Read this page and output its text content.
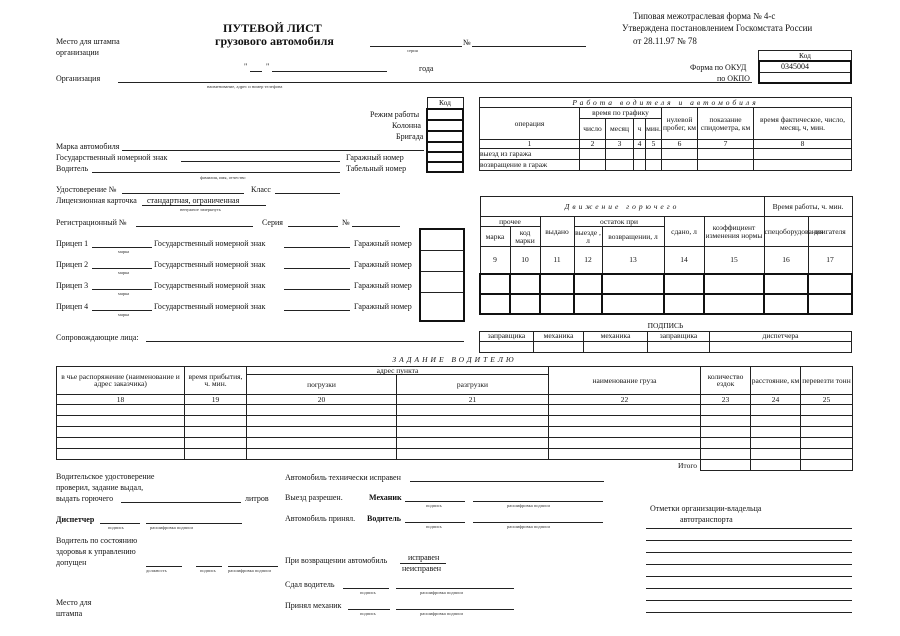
ПУТЕВОЙ ЛИСТ
грузового автомобиля
Типовая межотраслевая форма № 4-с
Утверждена постановлением Госкомстата России
от 28.11.97 № 78
Место для штампа
организации	серия
№
" "	года
Код
0345004
Форма по ОКУД
по ОКПО
Организация
наименование, адрес и номер телефона
Код

Режим работы
Колонна
Бригада
Марка автомобиля
Государственный номерной знак	Гаражный номер
Водитель	Табельный номер
фамилия, имя, отчество
Удостоверение №	Класс
Лицензионная карточка стандартная, ограниченная
ненужное зачеркнуть
Регистрационный №	Серия	№
Прицеп 1
марка
Государственный номерной знак	Гаражный номер
Прицеп 2
марка
Государственный номерной знак	Гаражный номер
Прицеп 3
марка
Государственный номерной знак	Гаражный номер
Прицеп 4
марка
Государственный номерной знак	Гаражный номер
Сопровождающие лица:
Работа водителя и автомобиля							
операция	время по графику				нулевой пробег, км	показание спидометра, км	время фактическое, число, месяц, ч, мин.
	число	месяц	ч	мин.			
1	2	3	4	5	6	7	8
выезд из гаража							
возвращение в гараж							
Движение горючего							Время работы, ч. мин.	
прочее		выдано	остаток при		сдано, л	коэффициент изменения нормы	спецоборудования	двигателя
марка	код марки		выезде , л	возвращении, л				
9	10	11	12	13	14	15	16	17

ПОДПИСЬ				
заправщика	механика	механика	заправщика	диспетчера

ЗАДАНИЕ ВОДИТЕЛЮ							
в чье распоряжение (наименование и адрес заказчика)	время прибытия, ч. мин.	адрес пункта		наименование груза	количество ездок	расстояние, км	перевезти тонн
		погрузки	разгрузки				
18	19	20	21	22	23	24	25

Итого							
Водительское удостоверение
проверил, задание выдал,
выдать горючего	литров
Диспетчер
подпись	расшифровка подписи
Водитель по состоянию
здоровья к управлению
допущен
должность	подпись	расшифровка подписи
Место для
штампа
Автомобиль технически исправен
Выезд разрешен.	Механик
подпись	расшифровка подписи
Автомобиль принял. Водитель
подпись	расшифровка подписи
При возвращении автомобиль	исправен
неисправен
Сдал водитель
подпись	расшифровка подписи
Принял механик
подпись	расшифровка подписи
Отметки организации-владельца
автотранспорта
